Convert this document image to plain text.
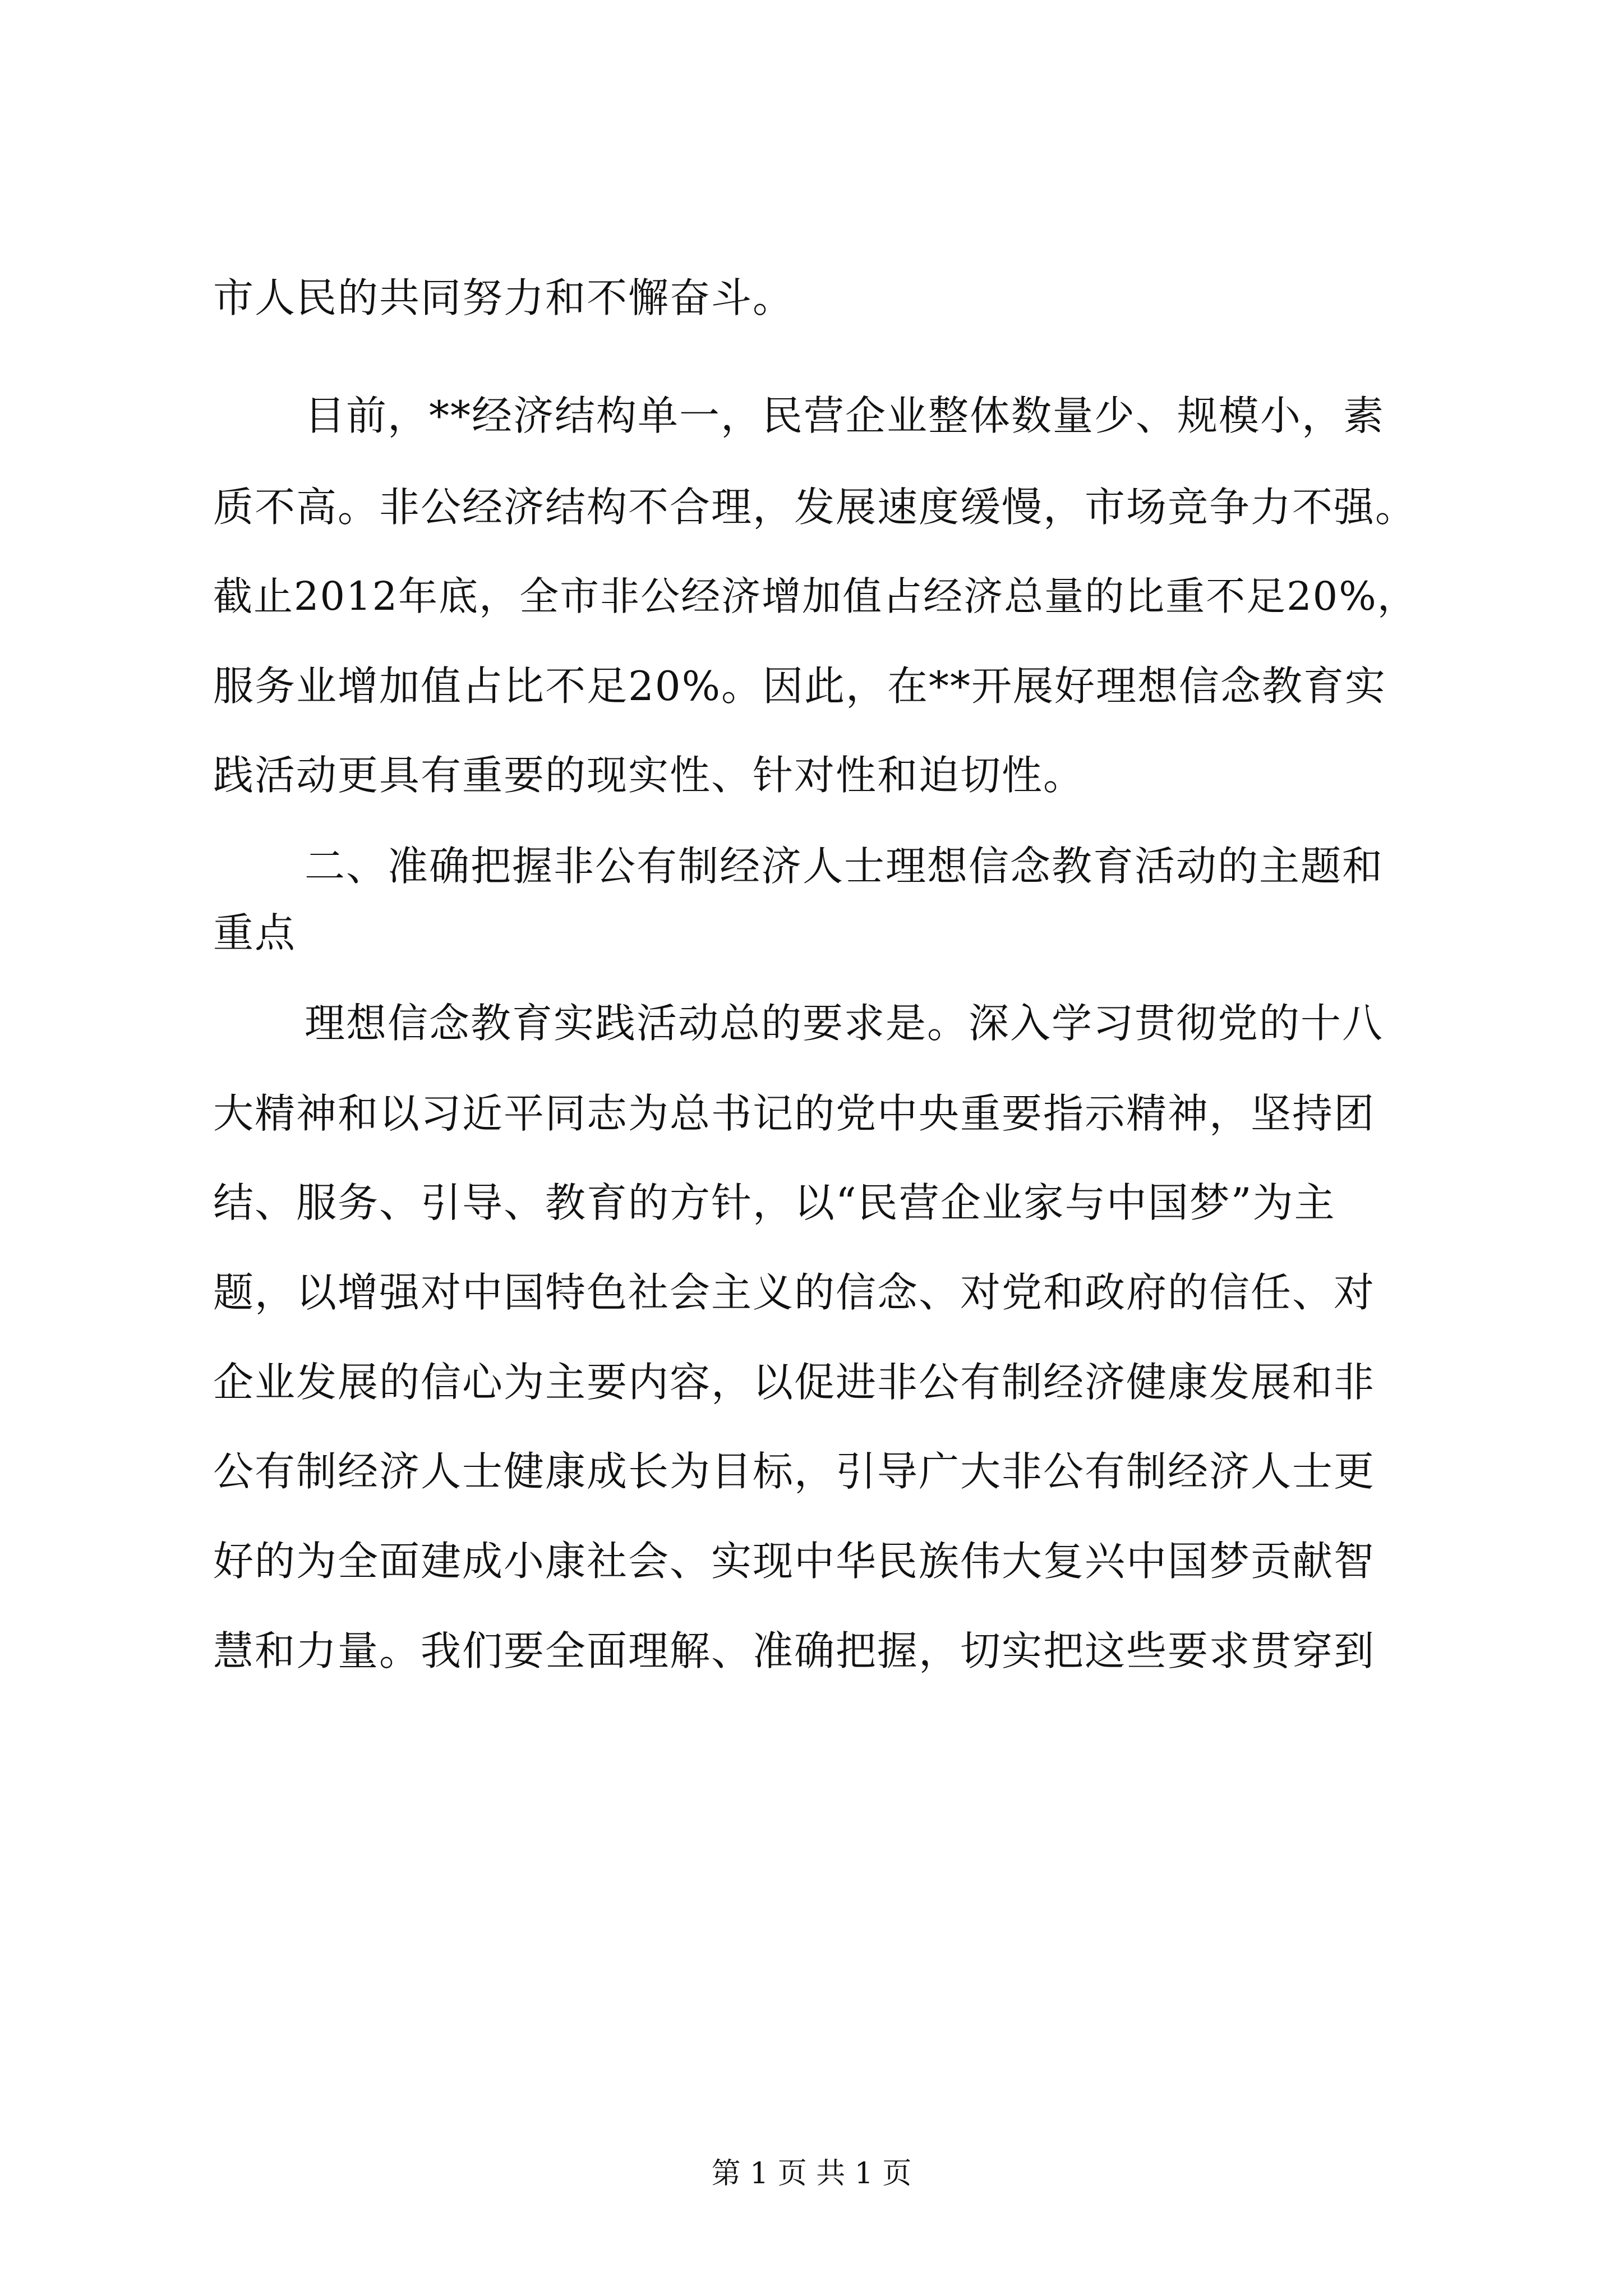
市人民的共同努力和不懈奋斗。
目前，**经济结构单一，民营企业整体数量少、规模小，素
质不高。非公经济结构不合理，发展速度缓慢，市场竞争力不强。
截止2012年底，全市非公经济增加值占经济总量的比重不足20%，
服务业增加值占比不足20%。因此，在**开展好理想信念教育实
践活动更具有重要的现实性、针对性和迫切性。
二、准确把握非公有制经济人士理想信念教育活动的主题和
重点
理想信念教育实践活动总的要求是。深入学习贯彻党的十八
大精神和以习近平同志为总书记的党中央重要指示精神，坚持团
结、服务、引导、教育的方针，以“民营企业家与中国梦”为主
题，以增强对中国特色社会主义的信念、对党和政府的信任、对
企业发展的信心为主要内容，以促进非公有制经济健康发展和非
公有制经济人士健康成长为目标，引导广大非公有制经济人士更
好的为全面建成小康社会、实现中华民族伟大复兴中国梦贡献智
慧和力量。我们要全面理解、准确把握，切实把这些要求贯穿到
第 1 页 共 1 页
